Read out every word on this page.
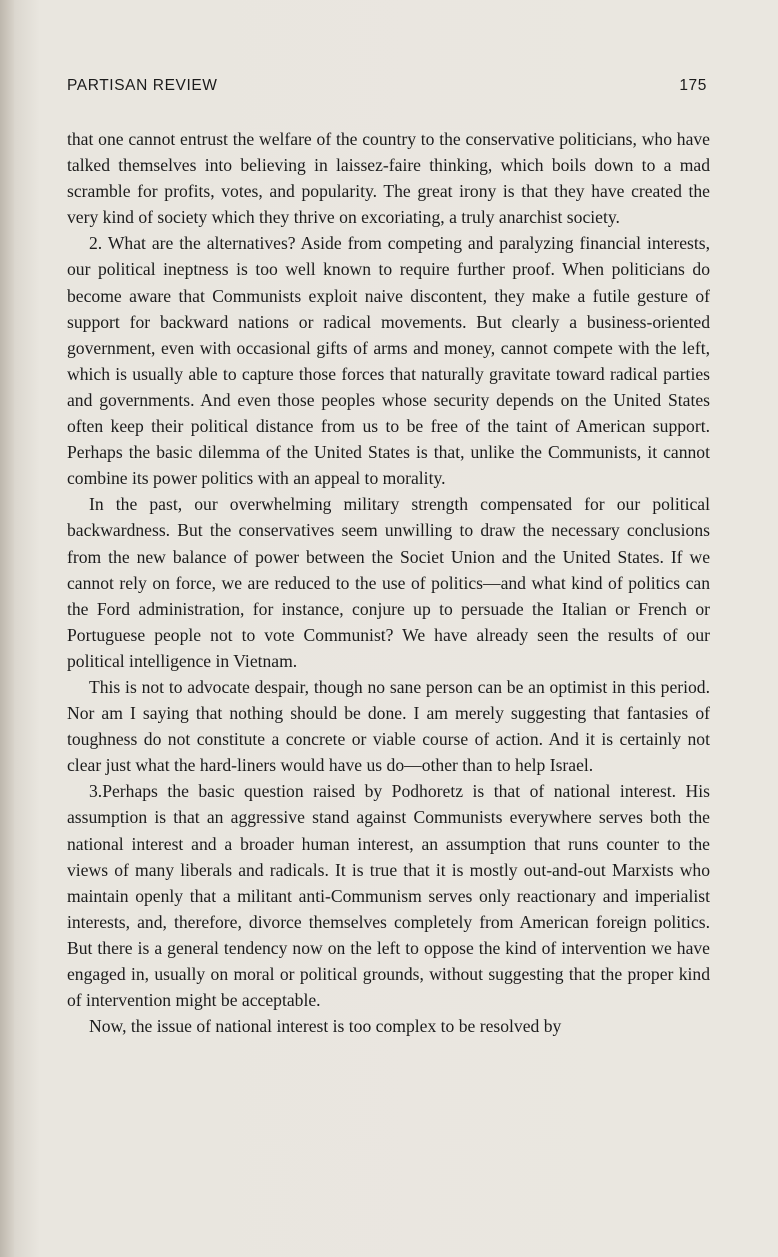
PARTISAN REVIEW	175

that one cannot entrust the welfare of the country to the conservative politicians, who have talked themselves into believing in laissez-faire thinking, which boils down to a mad scramble for profits, votes, and popularity. The great irony is that they have created the very kind of society which they thrive on excoriating, a truly anarchist society.

2. What are the alternatives? Aside from competing and paralyzing financial interests, our political ineptness is too well known to require further proof. When politicians do become aware that Communists exploit naive discontent, they make a futile gesture of support for backward nations or radical movements. But clearly a business-oriented government, even with occasional gifts of arms and money, cannot compete with the left, which is usually able to capture those forces that naturally gravitate toward radical parties and governments. And even those peoples whose security depends on the United States often keep their political distance from us to be free of the taint of American support. Perhaps the basic dilemma of the United States is that, unlike the Communists, it cannot combine its power politics with an appeal to morality.

In the past, our overwhelming military strength compensated for our political backwardness. But the conservatives seem unwilling to draw the necessary conclusions from the new balance of power between the Societ Union and the United States. If we cannot rely on force, we are reduced to the use of politics—and what kind of politics can the Ford administration, for instance, conjure up to persuade the Italian or French or Portuguese people not to vote Communist? We have already seen the results of our political intelligence in Vietnam.

This is not to advocate despair, though no sane person can be an optimist in this period. Nor am I saying that nothing should be done. I am merely suggesting that fantasies of toughness do not constitute a concrete or viable course of action. And it is certainly not clear just what the hard-liners would have us do—other than to help Israel.

3.Perhaps the basic question raised by Podhoretz is that of national interest. His assumption is that an aggressive stand against Communists everywhere serves both the national interest and a broader human interest, an assumption that runs counter to the views of many liberals and radicals. It is true that it is mostly out-and-out Marxists who maintain openly that a militant anti-Communism serves only reactionary and imperialist interests, and, therefore, divorce themselves completely from American foreign politics. But there is a general tendency now on the left to oppose the kind of intervention we have engaged in, usually on moral or political grounds, without suggesting that the proper kind of intervention might be acceptable.

Now, the issue of national interest is too complex to be resolved by
